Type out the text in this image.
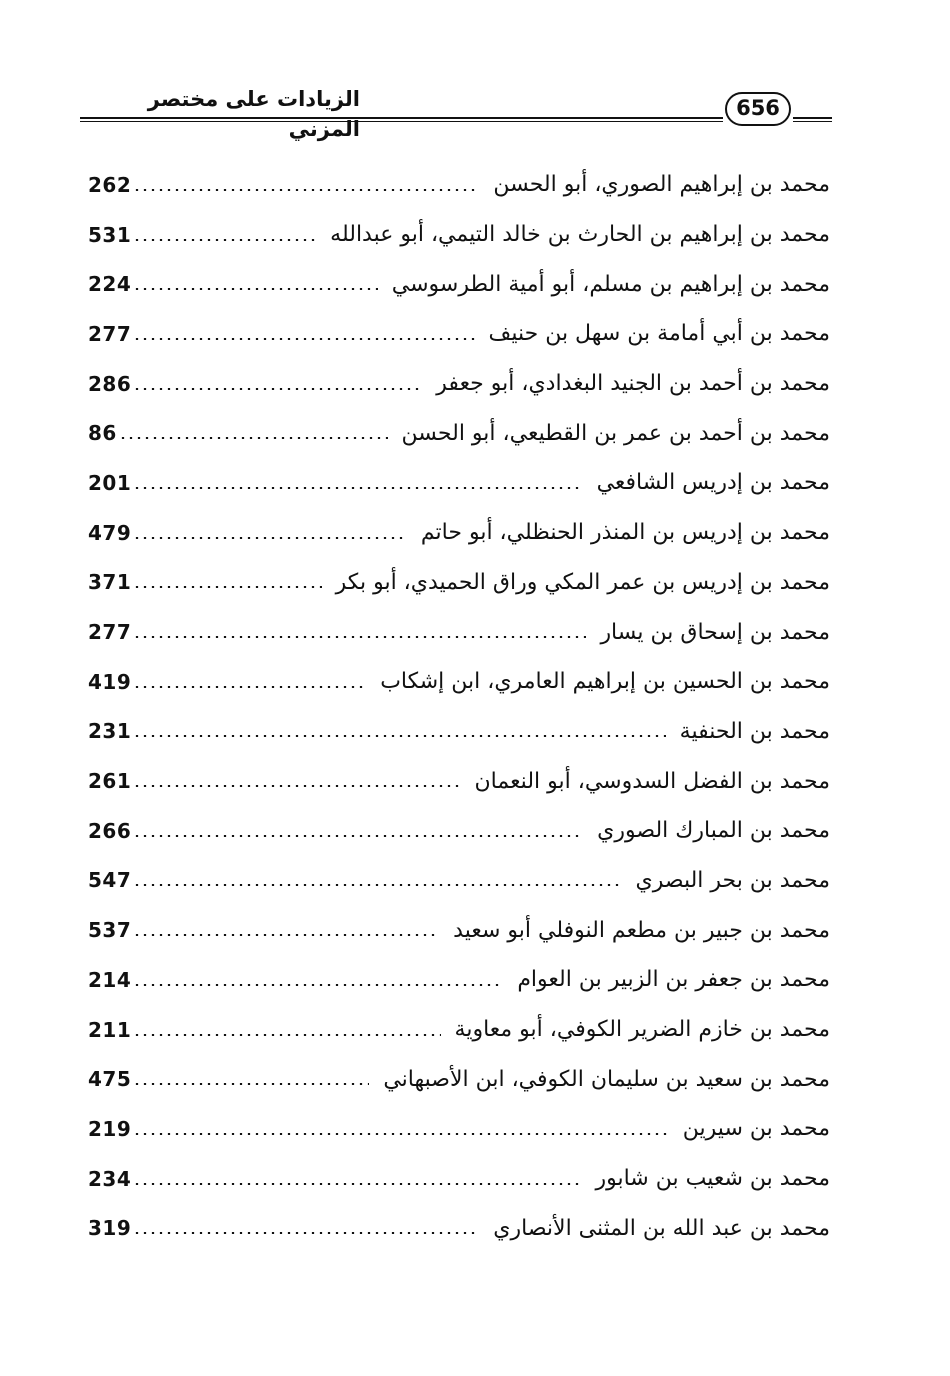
الزيادات على مختصر المزني
656
262	محمد بن إبراهيم الصوري، أبو الحسن
531	محمد بن إبراهيم بن الحارث بن خالد التيمي، أبو عبدالله
224	محمد بن إبراهيم بن مسلم، أبو أمية الطرسوسي
277	محمد بن أبي أمامة بن سهل بن حنيف
286	محمد بن أحمد بن الجنيد البغدادي، أبو جعفر
86	محمد بن أحمد بن عمر بن القطيعي، أبو الحسن
201	محمد بن إدريس الشافعي
479	محمد بن إدريس بن المنذر الحنظلي، أبو حاتم
371	محمد بن إدريس بن عمر المكي وراق الحميدي، أبو بكر
277	محمد بن إسحاق بن يسار
419	محمد بن الحسين بن إبراهيم العامري، ابن إشكاب
231	محمد بن الحنفية
261	محمد بن الفضل السدوسي، أبو النعمان
266	محمد بن المبارك الصوري
547	محمد بن بحر البصري
537	محمد بن جبير بن مطعم النوفلي أبو سعيد
214	محمد بن جعفر بن الزبير بن العوام
211	محمد بن خازم الضرير الكوفي، أبو معاوية
475	محمد بن سعيد بن سليمان الكوفي، ابن الأصبهاني
219	محمد بن سيرين
234	محمد بن شعيب بن شابور
319	محمد بن عبد الله بن المثنى الأنصاري
